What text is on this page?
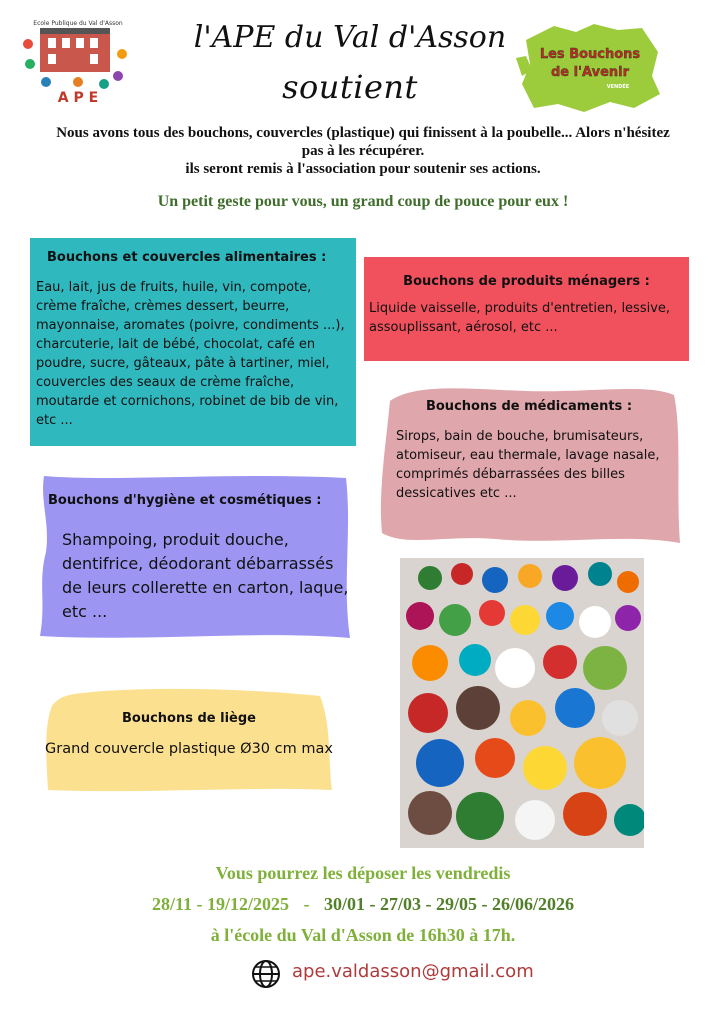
Ecole Publique du Val d'Asson
A P E
l'APE du Val d'Asson
soutient
Les Bouchons
de l'Avenir
VENDÉE
Nous avons tous des bouchons, couvercles (plastique) qui finissent à la poubelle... Alors n'hésitez
pas à les récupérer.
ils seront remis à l'association pour soutenir ses actions.
Un petit geste pour vous, un grand coup de pouce pour eux !
Bouchons et couvercles alimentaires :
Eau, lait, jus de fruits, huile, vin, compote, crème fraîche, crèmes dessert, beurre, mayonnaise, aromates (poivre, condiments ...), charcuterie, lait de bébé, chocolat, café en poudre, sucre, gâteaux, pâte à tartiner, miel, couvercles des seaux de crème fraîche, moutarde et cornichons, robinet de bib de vin, etc ...
Bouchons de produits ménagers :
Liquide vaisselle, produits d'entretien, lessive, assouplissant, aérosol, etc ...
Bouchons de médicaments :
Sirops, bain de bouche, brumisateurs, atomiseur, eau thermale, lavage nasale, comprimés débarrassées des billes dessicatives etc ...
Bouchons d'hygiène et cosmétiques :
Shampoing, produit douche, dentifrice, déodorant débarrassés de leurs collerette en carton, laque, etc ...
Bouchons de liège
Grand couvercle plastique Ø30 cm max
Vous pourrez les déposer les vendredis
28/11 - 19/12/2025 - 30/01 - 27/03 - 29/05 - 26/06/2026
à l'école du Val d'Asson de 16h30 à 17h.
ape.valdasson@gmail.com
